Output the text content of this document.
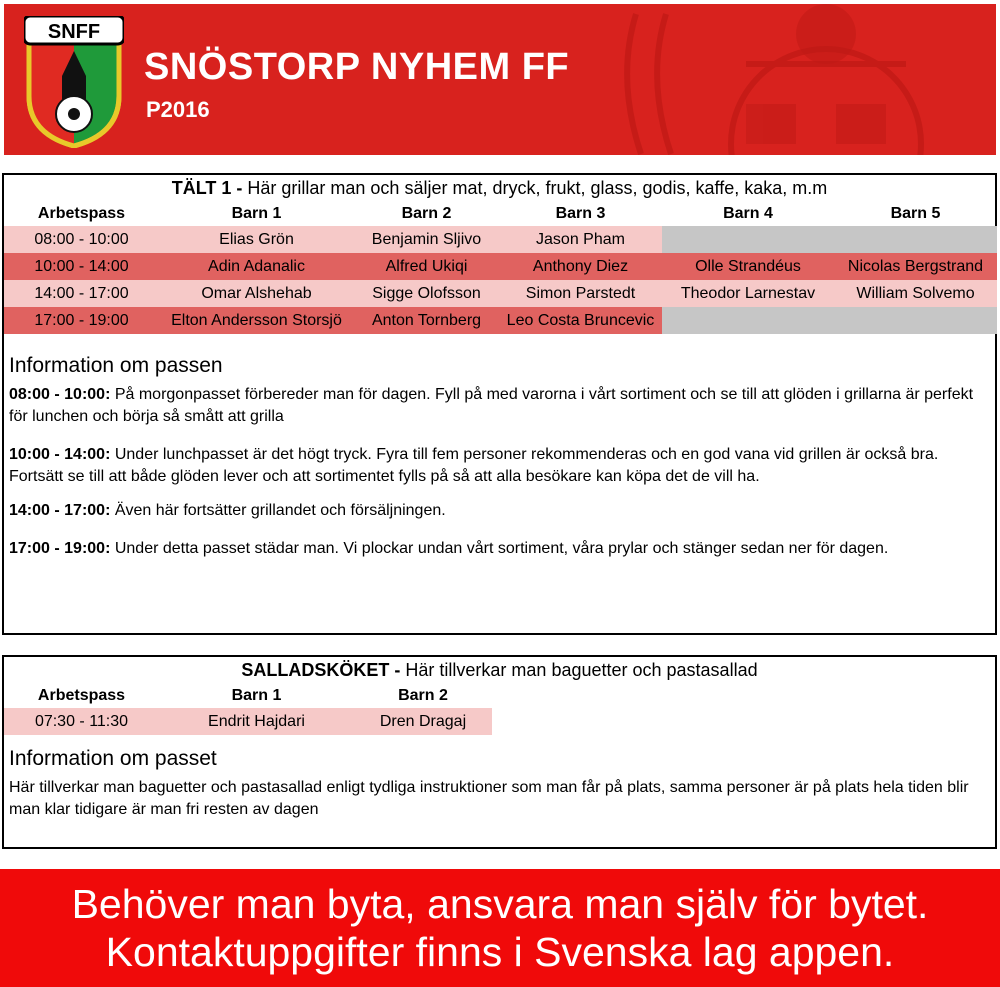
SNFF
SNÖSTORP NYHEM FF
P2016
TÄLT 1 - Här grillar man och säljer mat, dryck, frukt, glass, godis, kaffe, kaka, m.m
Arbetspass	Barn 1	Barn 2	Barn 3	Barn 4	Barn 5
08:00 - 10:00	Elias Grön	Benjamin Sljivo	Jason Pham		
10:00 - 14:00	Adin Adanalic	Alfred Ukiqi	Anthony Diez	Olle Strandéus	Nicolas Bergstrand
14:00 - 17:00	Omar Alshehab	Sigge Olofsson	Simon Parstedt	Theodor Larnestav	William Solvemo
17:00 - 19:00	Elton Andersson Storsjö	Anton Tornberg	Leo Costa Bruncevic		
Information om passen
08:00 - 10:00: På morgonpasset förbereder man för dagen. Fyll på med varorna i vårt sortiment och se till att glöden i grillarna är perfekt för lunchen och börja så smått att grilla
10:00 - 14:00: Under lunchpasset är det högt tryck. Fyra till fem personer rekommenderas och en god vana vid grillen är också bra. Fortsätt se till att både glöden lever och att sortimentet fylls på så att alla besökare kan köpa det de vill ha.
14:00 - 17:00: Även här fortsätter grillandet och försäljningen.
17:00 - 19:00: Under detta passet städar man. Vi plockar undan vårt sortiment, våra prylar och stänger sedan ner för dagen.
SALLADSKÖKET - Här tillverkar man baguetter och pastasallad
Arbetspass	Barn 1	Barn 2
07:30 - 11:30	Endrit Hajdari	Dren Dragaj
Information om passet
Här tillverkar man baguetter och pastasallad enligt tydliga instruktioner som man får på plats, samma personer är på plats hela tiden blir man klar tidigare är man fri resten av dagen
Behöver man byta, ansvara man själv för bytet.
Kontaktuppgifter finns i Svenska lag appen.
